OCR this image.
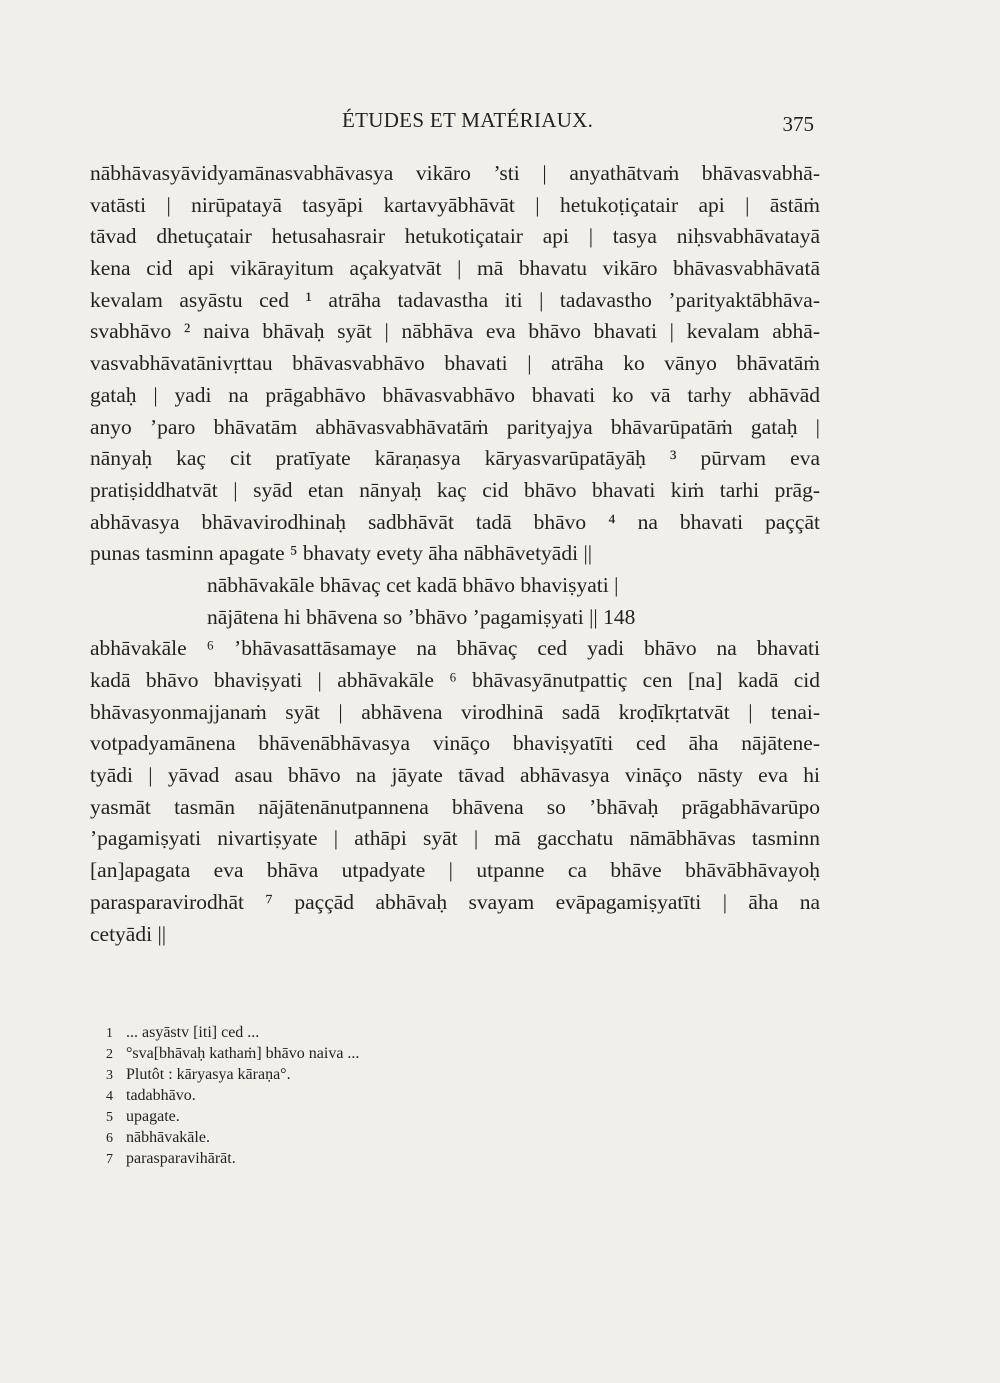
ÉTUDES ET MATÉRIAUX.	375
nābhāvasyāvidyamānasvabhāvasya vikāro ’sti | anyathātvaṁ bhāvasvabhā-
vatāsti | nirūpatayā tasyāpi kartavyābhāvāt | hetukoṭiçatair api | āstāṁ
tāvad dhetuçatair hetusahasrair hetukotiçatair api | tasya niḥsvabhāvatayā
kena cid api vikārayitum açakyatvāt | mā bhavatu vikāro bhāvasvabhāvatā
kevalam asyāstu ced ¹ atrāha tadavastha iti | tadavastho ’parityaktābhāva-
svabhāvo ² naiva bhāvaḥ syāt | nābhāva eva bhāvo bhavati | kevalam abhā-
vasvabhāvatānivṛttau bhāvasvabhāvo bhavati | atrāha ko vānyo bhāvatāṁ
gataḥ | yadi na prāgabhāvo bhāvasvabhāvo bhavati ko vā tarhy abhāvād
anyo ’paro bhāvatām abhāvasvabhāvatāṁ parityajya bhāvarūpatāṁ gataḥ |
nānyaḥ kaç cit pratīyate kāraṇasya kāryasvarūpatāyāḥ ³ pūrvam eva
pratiṣiddhatvāt | syād etan nānyaḥ kaç cid bhāvo bhavati kiṁ tarhi prāg-
abhāvasya bhāvavirodhinaḥ sadbhāvāt tadā bhāvo ⁴ na bhavati paççāt
punas tasminn apagate ⁵ bhavaty evety āha nābhāvetyādi ||
nābhāvakāle bhāvaç cet kadā bhāvo bhaviṣyati |
nājātena hi bhāvena so ’bhāvo ’pagamiṣyati || 148
abhāvakāle ⁶ ’bhāvasattāsamaye na bhāvaç ced yadi bhāvo na bhavati
kadā bhāvo bhaviṣyati | abhāvakāle ⁶ bhāvasyānutpattiç cen [na] kadā cid
bhāvasyonmajjanaṁ syāt | abhāvena virodhinā sadā kroḍīkṛtatvāt | tenai-
votpadyamānena bhāvenābhāvasya vināço bhaviṣyatīti ced āha nājātene-
tyādi | yāvad asau bhāvo na jāyate tāvad abhāvasya vināço nāsty eva hi
yasmāt tasmān nājātenānutpannena bhāvena so ’bhāvaḥ prāgabhāvarūpo
’pagamiṣyati nivartiṣyate | athāpi syāt | mā gacchatu nāmābhāvas tasminn
[an]apagata eva bhāva utpadyate | utpanne ca bhāve bhāvābhāvayoḥ
parasparavirodhāt ⁷ paççād abhāvaḥ svayam evāpagamiṣyatīti | āha na
cetyādi ||
1 ... asyāstv [iti] ced ...
2 °sva[bhāvaḥ kathaṁ] bhāvo naiva ...
3 Plutôt : kāryasya kāraṇa°.
4 tadabhāvo.
5 upagate.
6 nābhāvakāle.
7 parasparavihārāt.
